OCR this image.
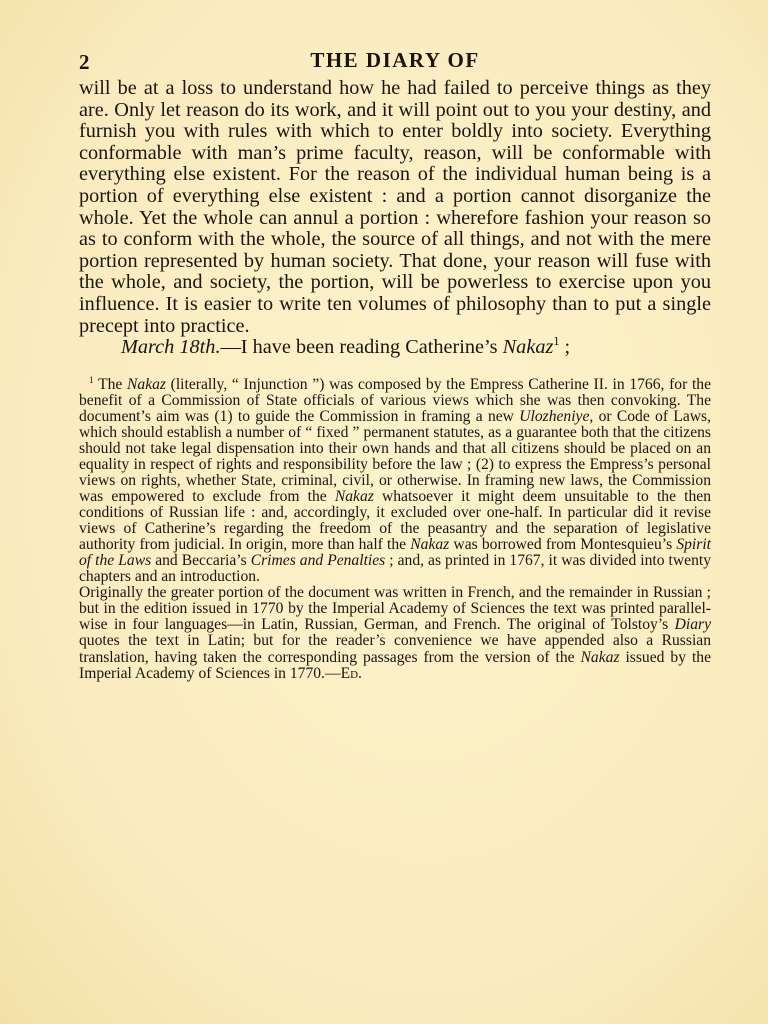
2	THE DIARY OF

will be at a loss to understand how he had failed to perceive things as they are. Only let reason do its work, and it will point out to you your destiny, and furnish you with rules with which to enter boldly into society. Everything conformable with man’s prime faculty, reason, will be conformable with everything else existent. For the reason of the individual human being is a portion of everything else existent : and a portion cannot disorganize the whole. Yet the whole can annul a portion : wherefore fashion your reason so as to conform with the whole, the source of all things, and not with the mere portion represented by human society. That done, your reason will fuse with the whole, and society, the portion, will be powerless to exercise upon you influence. It is easier to write ten volumes of philosophy than to put a single precept into practice.

March 18th.—I have been reading Catherine’s Nakaz$^1$ ;

$^1$ The Nakaz (literally, “ Injunction ”) was composed by the Empress Catherine II. in 1766, for the benefit of a Commission of State officials of various views which she was then convoking. The document’s aim was (1) to guide the Commission in framing a new Ulozheniye, or Code of Laws, which should establish a number of “ fixed ” permanent statutes, as a guarantee both that the citizens should not take legal dispensation into their own hands and that all citizens should be placed on an equality in respect of rights and responsibility before the law ; (2) to express the Empress’s personal views on rights, whether State, criminal, civil, or otherwise. In framing new laws, the Commission was empowered to exclude from the Nakaz whatsoever it might deem unsuitable to the then conditions of Russian life : and, accordingly, it excluded over one-half. In particular did it revise views of Catherine’s regarding the freedom of the peasantry and the separation of legislative authority from judicial. In origin, more than half the Nakaz was borrowed from Montesquieu’s Spirit of the Laws and Beccaria’s Crimes and Penalties ; and, as printed in 1767, it was divided into twenty chapters and an introduction.

Originally the greater portion of the document was written in French, and the remainder in Russian ; but in the edition issued in 1770 by the Imperial Academy of Sciences the text was printed parallel-wise in four languages—in Latin, Russian, German, and French. The original of Tolstoy’s Diary quotes the text in Latin; but for the reader’s convenience we have appended also a Russian translation, having taken the corresponding passages from the version of the Nakaz issued by the Imperial Academy of Sciences in 1770.—Ed.
